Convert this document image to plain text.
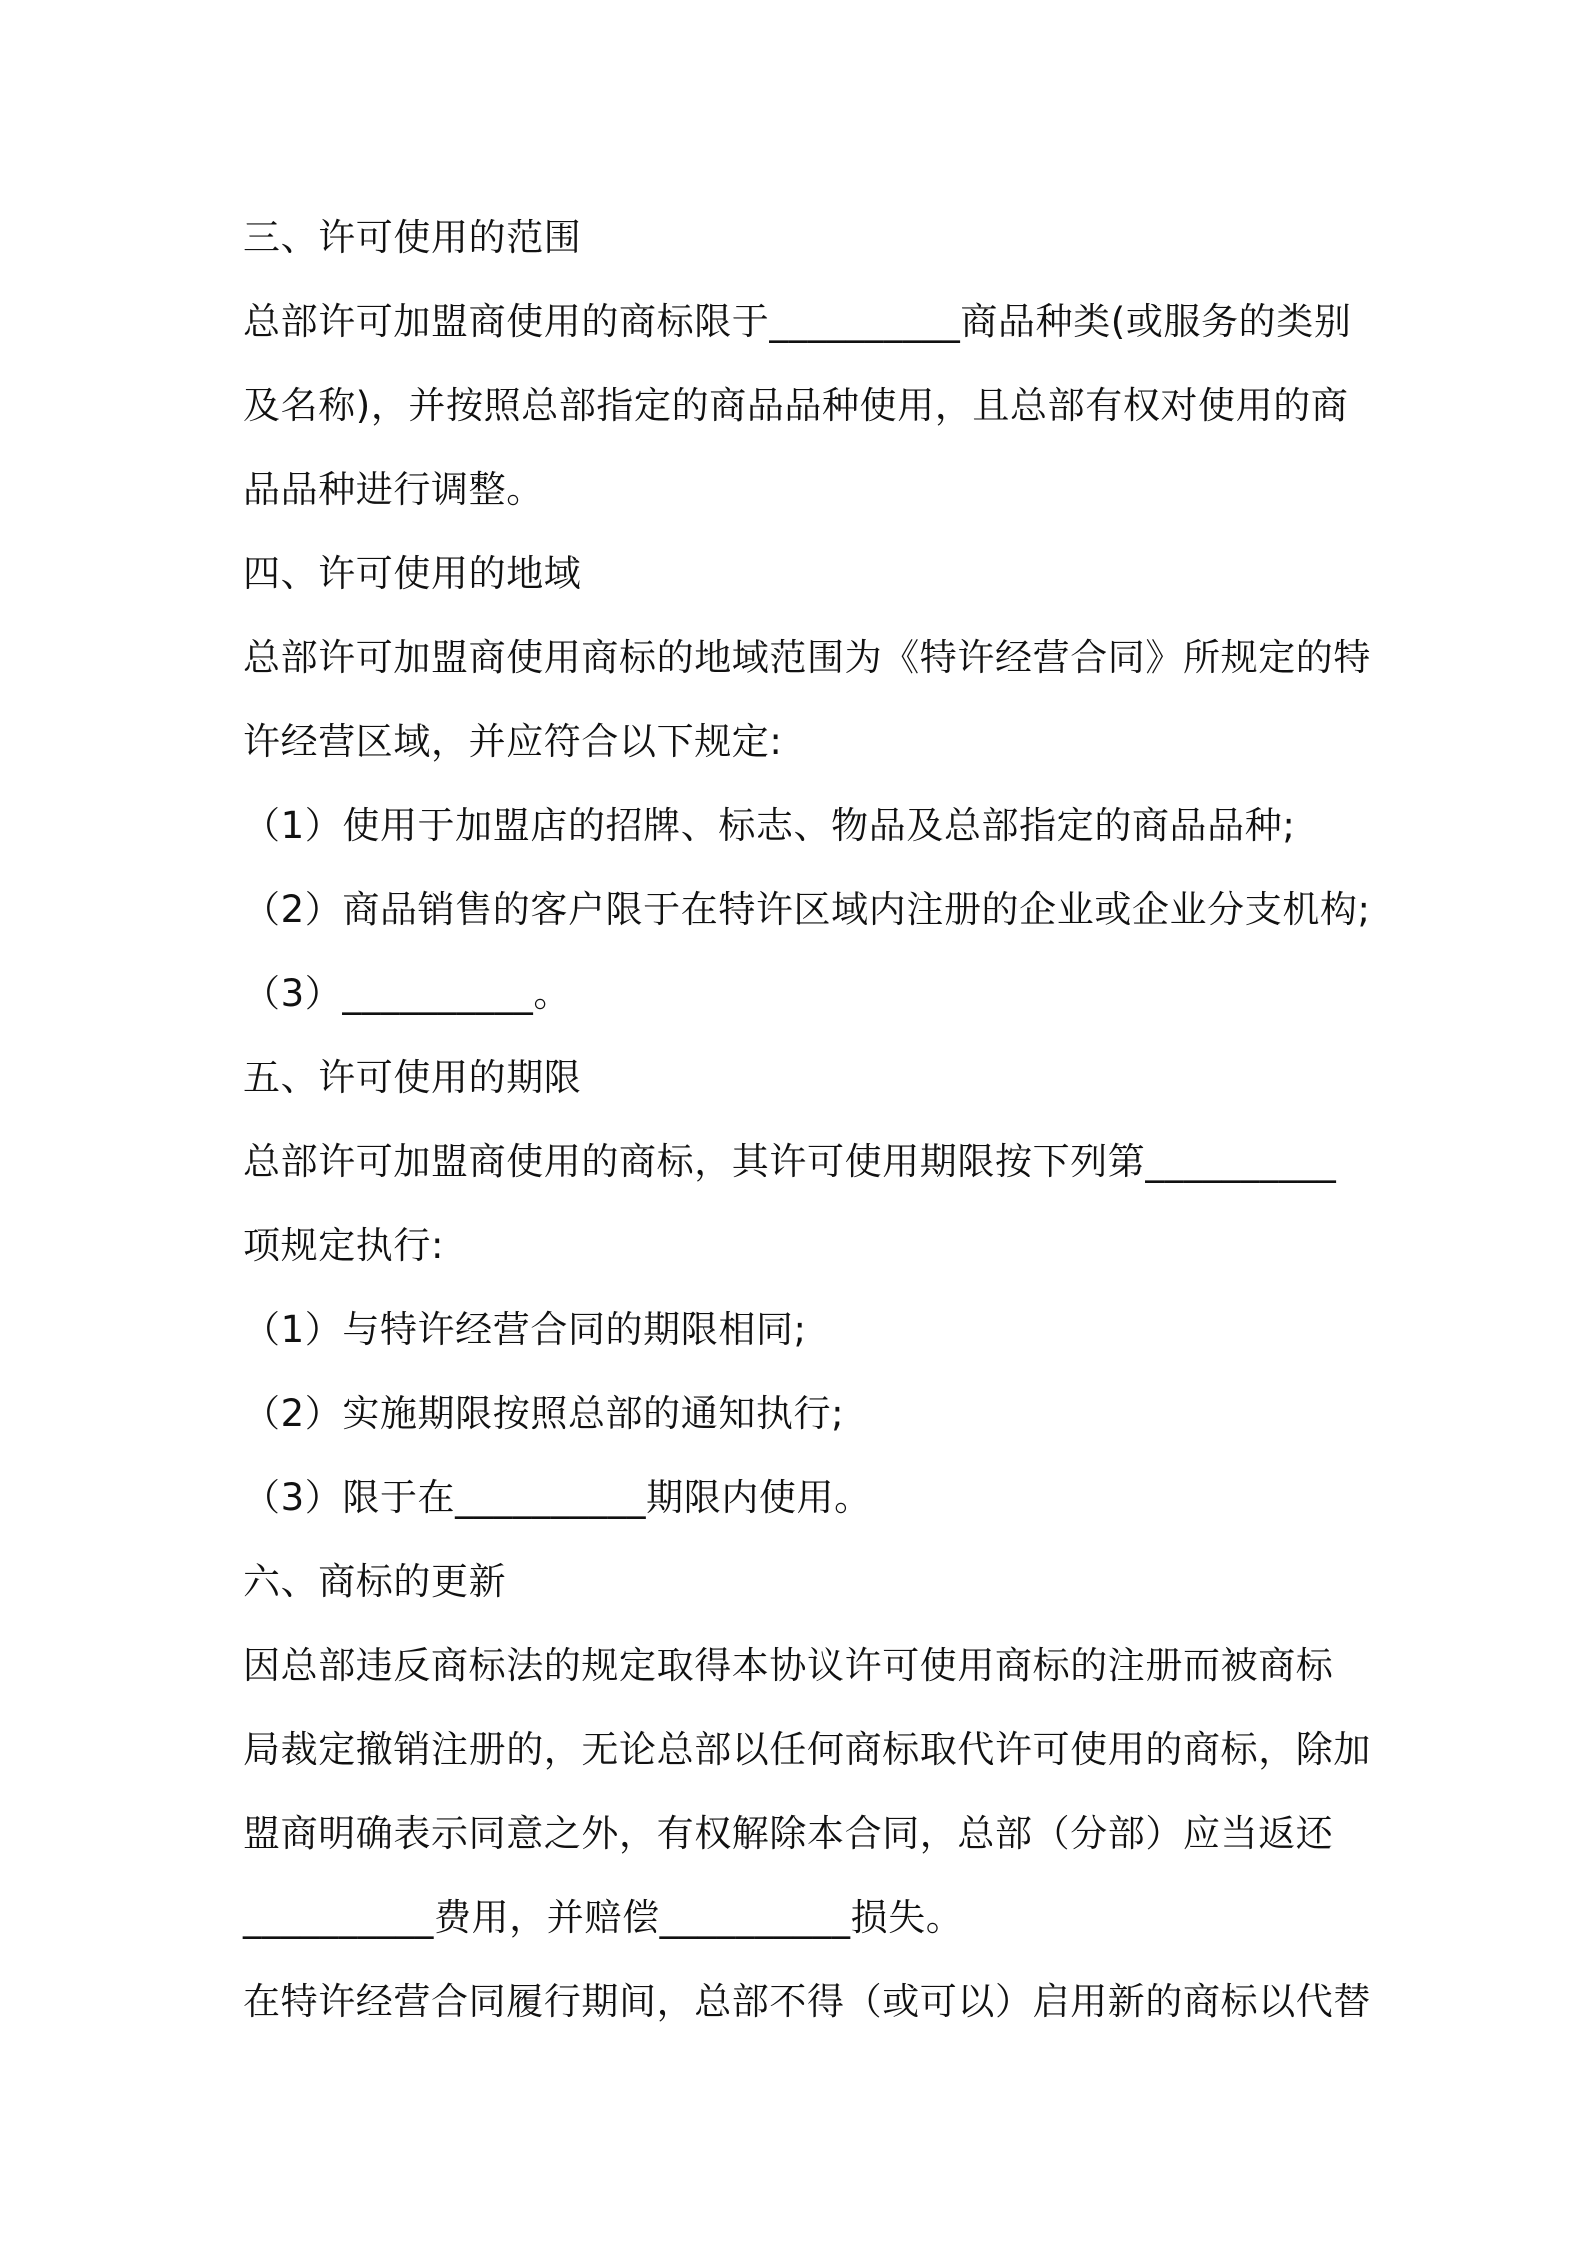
三、许可使用的范围
总部许可加盟商使用的商标限于__________商品种类(或服务的类别
及名称)，并按照总部指定的商品品种使用，且总部有权对使用的商
品品种进行调整。
四、许可使用的地域
总部许可加盟商使用商标的地域范围为《特许经营合同》所规定的特
许经营区域，并应符合以下规定:
（1）使用于加盟店的招牌、标志、物品及总部指定的商品品种;
（2）商品销售的客户限于在特许区域内注册的企业或企业分支机构;
（3）__________。
五、许可使用的期限
总部许可加盟商使用的商标，其许可使用期限按下列第__________
项规定执行:
（1）与特许经营合同的期限相同;
（2）实施期限按照总部的通知执行;
（3）限于在__________期限内使用。
六、商标的更新
因总部违反商标法的规定取得本协议许可使用商标的注册而被商标
局裁定撤销注册的，无论总部以任何商标取代许可使用的商标，除加
盟商明确表示同意之外，有权解除本合同，总部（分部）应当返还
__________费用，并赔偿__________损失。
在特许经营合同履行期间，总部不得（或可以）启用新的商标以代替
